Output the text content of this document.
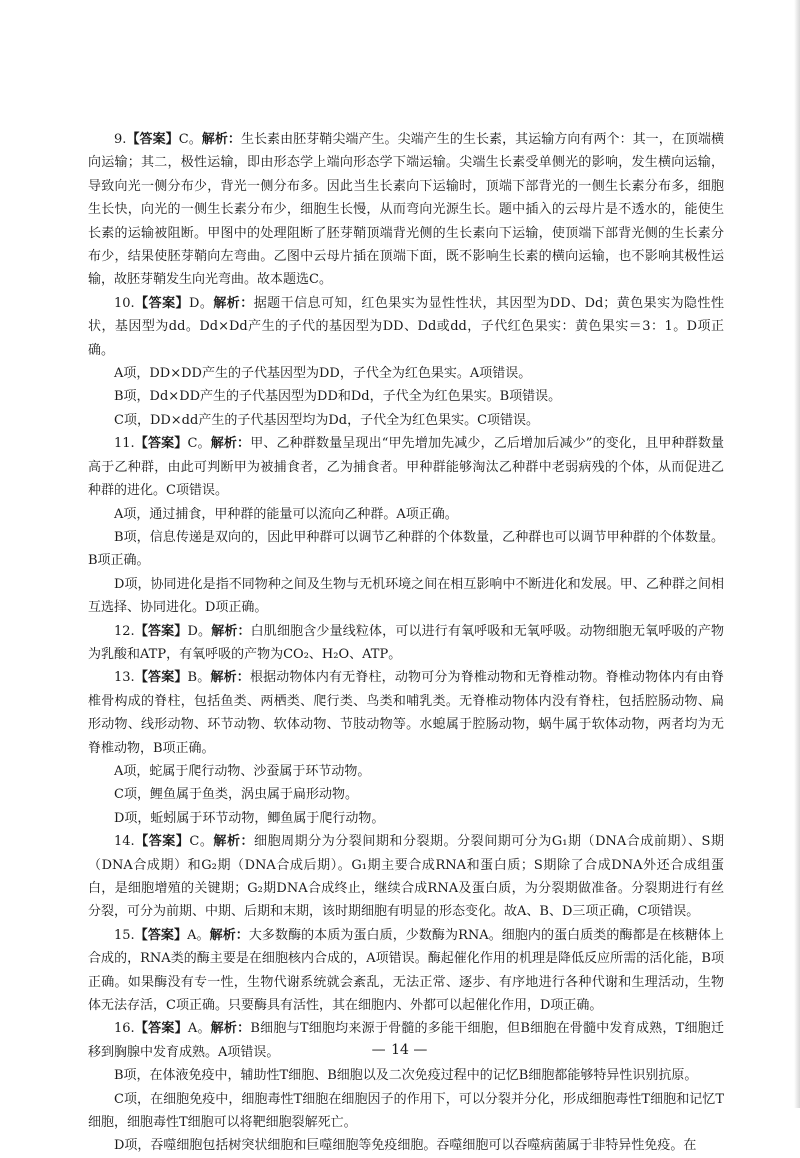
9.【答案】C。解析：生长素由胚芽鞘尖端产生。尖端产生的生长素，其运输方向有两个：其一，在顶端横向运输；其二，极性运输，即由形态学上端向形态学下端运输。尖端生长素受单侧光的影响，发生横向运输，导致向光一侧分布少，背光一侧分布多。因此当生长素向下运输时，顶端下部背光的一侧生长素分布多，细胞生长快，向光的一侧生长素分布少，细胞生长慢，从而弯向光源生长。题中插入的云母片是不透水的，能使生长素的运输被阻断。甲图中的处理阻断了胚芽鞘顶端背光侧的生长素向下运输，使顶端下部背光侧的生长素分布少，结果使胚芽鞘向左弯曲。乙图中云母片插在顶端下面，既不影响生长素的横向运输，也不影响其极性运输，故胚芽鞘发生向光弯曲。故本题选C。

10.【答案】D。解析：据题干信息可知，红色果实为显性性状，其因型为DD、Dd；黄色果实为隐性性状，基因型为dd。Dd×Dd产生的子代的基因型为DD、Dd或dd，子代红色果实：黄色果实＝3：1。D项正确。

A项，DD×DD产生的子代基因型为DD，子代全为红色果实。A项错误。

B项，Dd×DD产生的子代基因型为DD和Dd，子代全为红色果实。B项错误。

C项，DD×dd产生的子代基因型均为Dd，子代全为红色果实。C项错误。

11.【答案】C。解析：甲、乙种群数量呈现出“甲先增加先减少，乙后增加后减少”的变化，且甲种群数量高于乙种群，由此可判断甲为被捕食者，乙为捕食者。甲种群能够淘汰乙种群中老弱病残的个体，从而促进乙种群的进化。C项错误。

A项，通过捕食，甲种群的能量可以流向乙种群。A项正确。

B项，信息传递是双向的，因此甲种群可以调节乙种群的个体数量，乙种群也可以调节甲种群的个体数量。B项正确。

D项，协同进化是指不同物种之间及生物与无机环境之间在相互影响中不断进化和发展。甲、乙种群之间相互选择、协同进化。D项正确。

12.【答案】D。解析：白肌细胞含少量线粒体，可以进行有氧呼吸和无氧呼吸。动物细胞无氧呼吸的产物为乳酸和ATP，有氧呼吸的产物为CO₂、H₂O、ATP。

13.【答案】B。解析：根据动物体内有无脊柱，动物可分为脊椎动物和无脊椎动物。脊椎动物体内有由脊椎骨构成的脊柱，包括鱼类、两栖类、爬行类、鸟类和哺乳类。无脊椎动物体内没有脊柱，包括腔肠动物、扁形动物、线形动物、环节动物、软体动物、节肢动物等。水螅属于腔肠动物，蜗牛属于软体动物，两者均为无脊椎动物，B项正确。

A项，蛇属于爬行动物、沙蚕属于环节动物。

C项，鲤鱼属于鱼类，涡虫属于扁形动物。

D项，蚯蚓属于环节动物，鲫鱼属于爬行动物。

14.【答案】C。解析：细胞周期分为分裂间期和分裂期。分裂间期可分为G₁期（DNA合成前期）、S期（DNA合成期）和G₂期（DNA合成后期）。G₁期主要合成RNA和蛋白质；S期除了合成DNA外还合成组蛋白，是细胞增殖的关键期；G₂期DNA合成终止，继续合成RNA及蛋白质，为分裂期做准备。分裂期进行有丝分裂，可分为前期、中期、后期和末期，该时期细胞有明显的形态变化。故A、B、D三项正确，C项错误。

15.【答案】A。解析：大多数酶的本质为蛋白质，少数酶为RNA。细胞内的蛋白质类的酶都是在核糖体上合成的，RNA类的酶主要是在细胞核内合成的，A项错误。酶起催化作用的机理是降低反应所需的活化能，B项正确。如果酶没有专一性，生物代谢系统就会紊乱，无法正常、逐步、有序地进行各种代谢和生理活动，生物体无法存活，C项正确。只要酶具有活性，其在细胞内、外都可以起催化作用，D项正确。

16.【答案】A。解析：B细胞与T细胞均来源于骨髓的多能干细胞，但B细胞在骨髓中发育成熟，T细胞迁移到胸腺中发育成熟。A项错误。

B项，在体液免疫中，辅助性T细胞、B细胞以及二次免疫过程中的记忆B细胞都能够特异性识别抗原。

C项，在细胞免疫中，细胞毒性T细胞在细胞因子的作用下，可以分裂并分化，形成细胞毒性T细胞和记忆T细胞，细胞毒性T细胞可以将靶细胞裂解死亡。

D项，吞噬细胞包括树突状细胞和巨噬细胞等免疫细胞。吞噬细胞可以吞噬病菌属于非特异性免疫。在

— 14 —
